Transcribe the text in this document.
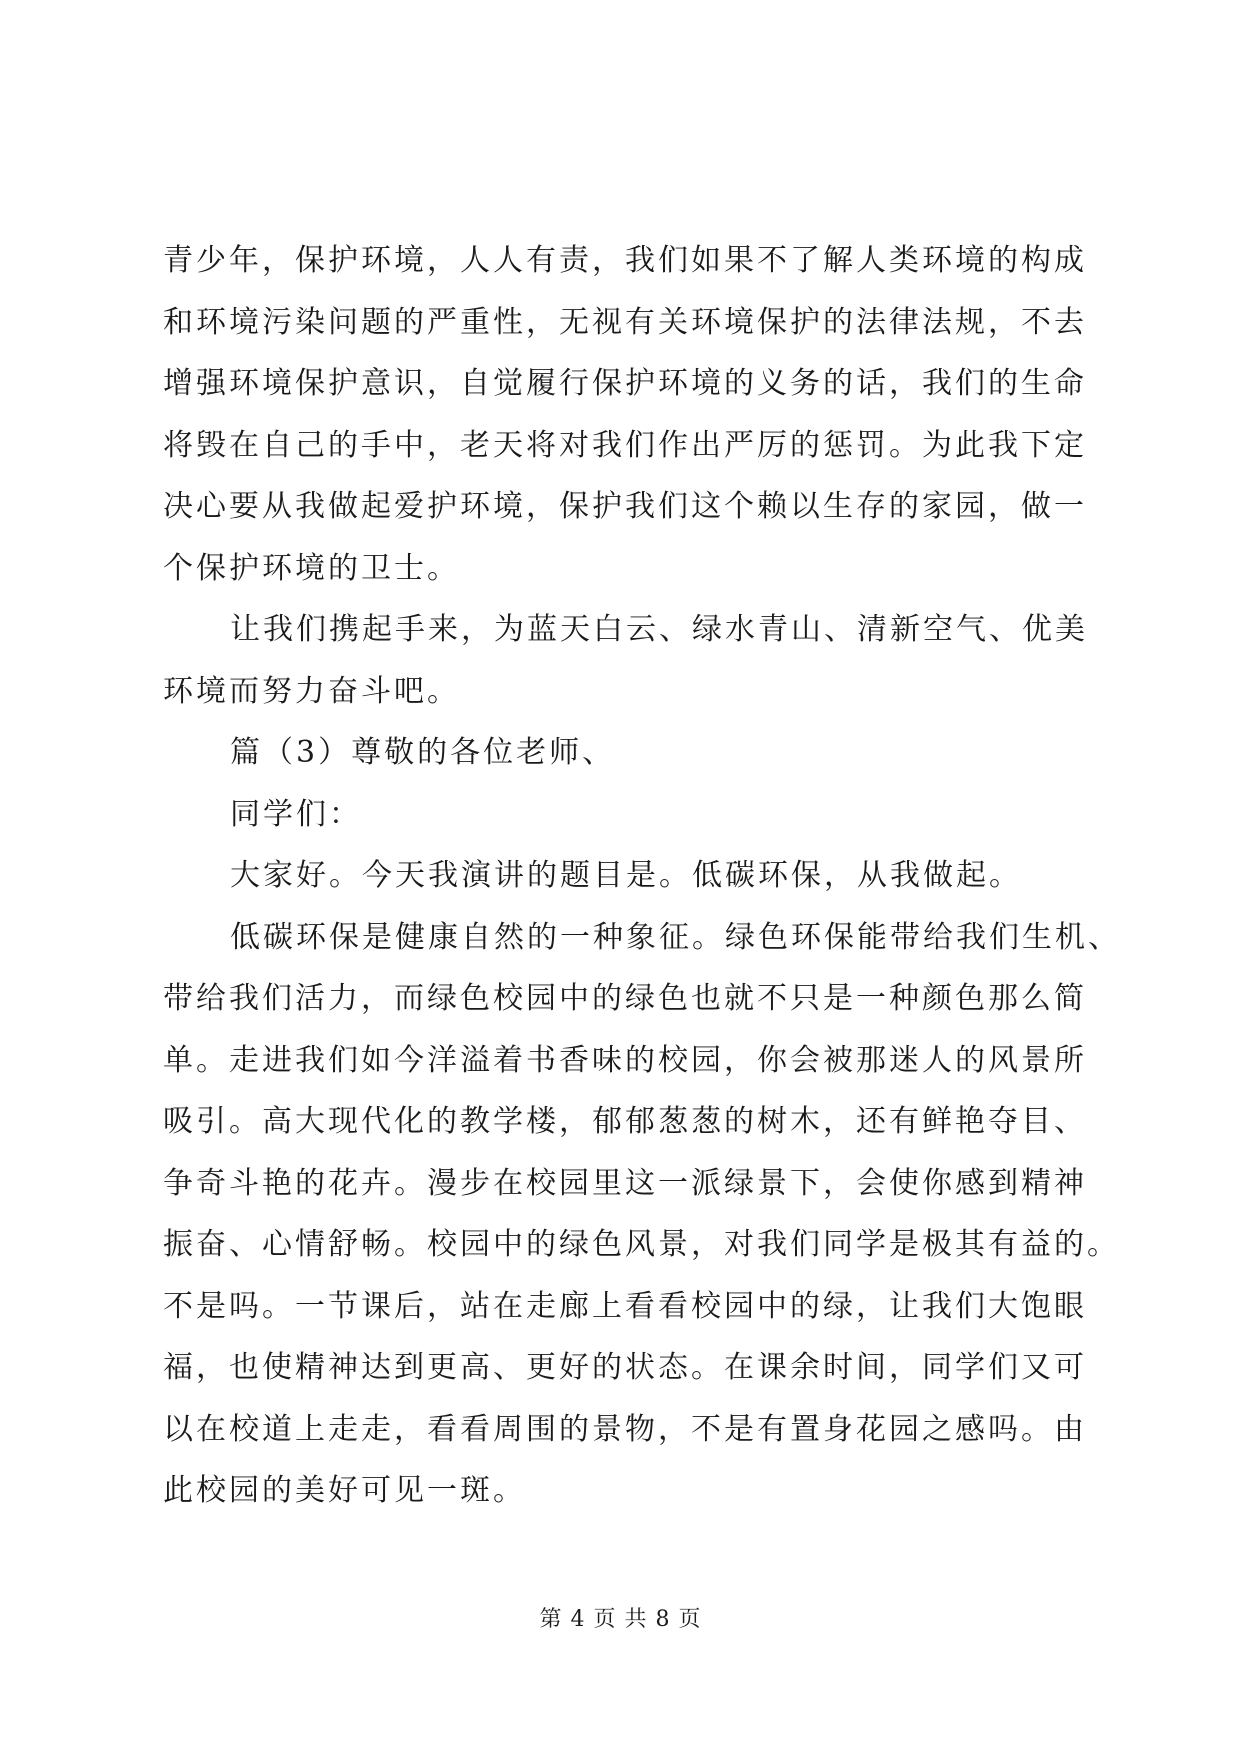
青少年，保护环境，人人有责，我们如果不了解人类环境的构成
和环境污染问题的严重性，无视有关环境保护的法律法规，不去
增强环境保护意识，自觉履行保护环境的义务的话，我们的生命
将毁在自己的手中，老天将对我们作出严厉的惩罚。为此我下定
决心要从我做起爱护环境，保护我们这个赖以生存的家园，做一
个保护环境的卫士。
让我们携起手来，为蓝天白云、绿水青山、清新空气、优美
环境而努力奋斗吧。
篇（3）尊敬的各位老师、
同学们：
大家好。今天我演讲的题目是。低碳环保，从我做起。
低碳环保是健康自然的一种象征。绿色环保能带给我们生机、
带给我们活力，而绿色校园中的绿色也就不只是一种颜色那么简
单。走进我们如今洋溢着书香味的校园，你会被那迷人的风景所
吸引。高大现代化的教学楼，郁郁葱葱的树木，还有鲜艳夺目、
争奇斗艳的花卉。漫步在校园里这一派绿景下，会使你感到精神
振奋、心情舒畅。校园中的绿色风景，对我们同学是极其有益的。
不是吗。一节课后，站在走廊上看看校园中的绿，让我们大饱眼
福，也使精神达到更高、更好的状态。在课余时间，同学们又可
以在校道上走走，看看周围的景物，不是有置身花园之感吗。由
此校园的美好可见一斑。
第 4 页 共 8 页
